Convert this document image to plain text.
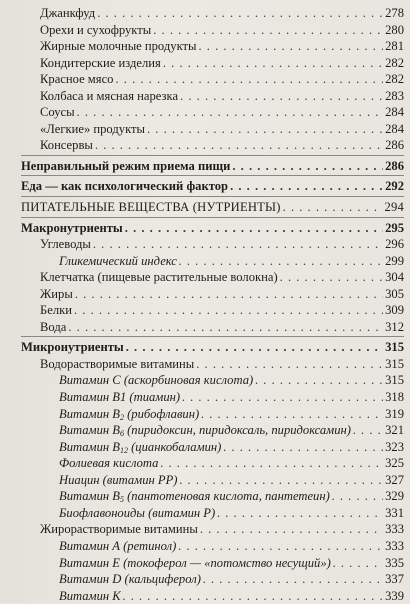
Джанкфуд . . .	278
Орехи и сухофрукты . . .	280
Жирные молочные продукты . . .	281
Кондитерские изделия . . .	282
Красное мясо . . .	282
Колбаса и мясная нарезка . . .	283
Соусы . . .	284
«Легкие» продукты . . .	284
Консервы . . .	286
Неправильный режим приема пищи . . .	286
Еда — как психологический фактор . . .	292
ПИТАТЕЛЬНЫЕ ВЕЩЕСТВА (НУТРИЕНТЫ) . . .	294
Макронутриенты . . .	295
Углеводы . . .	296
Гликемический индекс . . .	299
Клетчатка (пищевые растительные волокна) . . .	304
Жиры . . .	305
Белки . . .	309
Вода . . .	312
Микронутриенты . . .	315
Водорастворимые витамины . . .	315
Витамин С (аскорбиновая кислота) . . .	315
Витамин В1 (тиамин) . . .	318
Витамин $В_2$ (рибофлавин) . . .	319
Витамин $В_6$ (пиридоксин, пиридоксаль, пиридоксамин) . . .	321
Витамин $В_{12}$ (цианкобаламин) . . .	323
Фолиевая кислота . . .	325
Ниацин (витамин РР) . . .	327
Витамин $В_5$ (пантотеновая кислота, пантетеин) . . .	329
Биофлавоноиды (витамин Р) . . .	331
Жирорастворимые витамины . . .	333
Витамин А (ретинол) . . .	333
Витамин Е (токоферол — «потомство несущий») . . .	335
Витамин D (кальциферол) . . .	337
Витамин К . . .	339
